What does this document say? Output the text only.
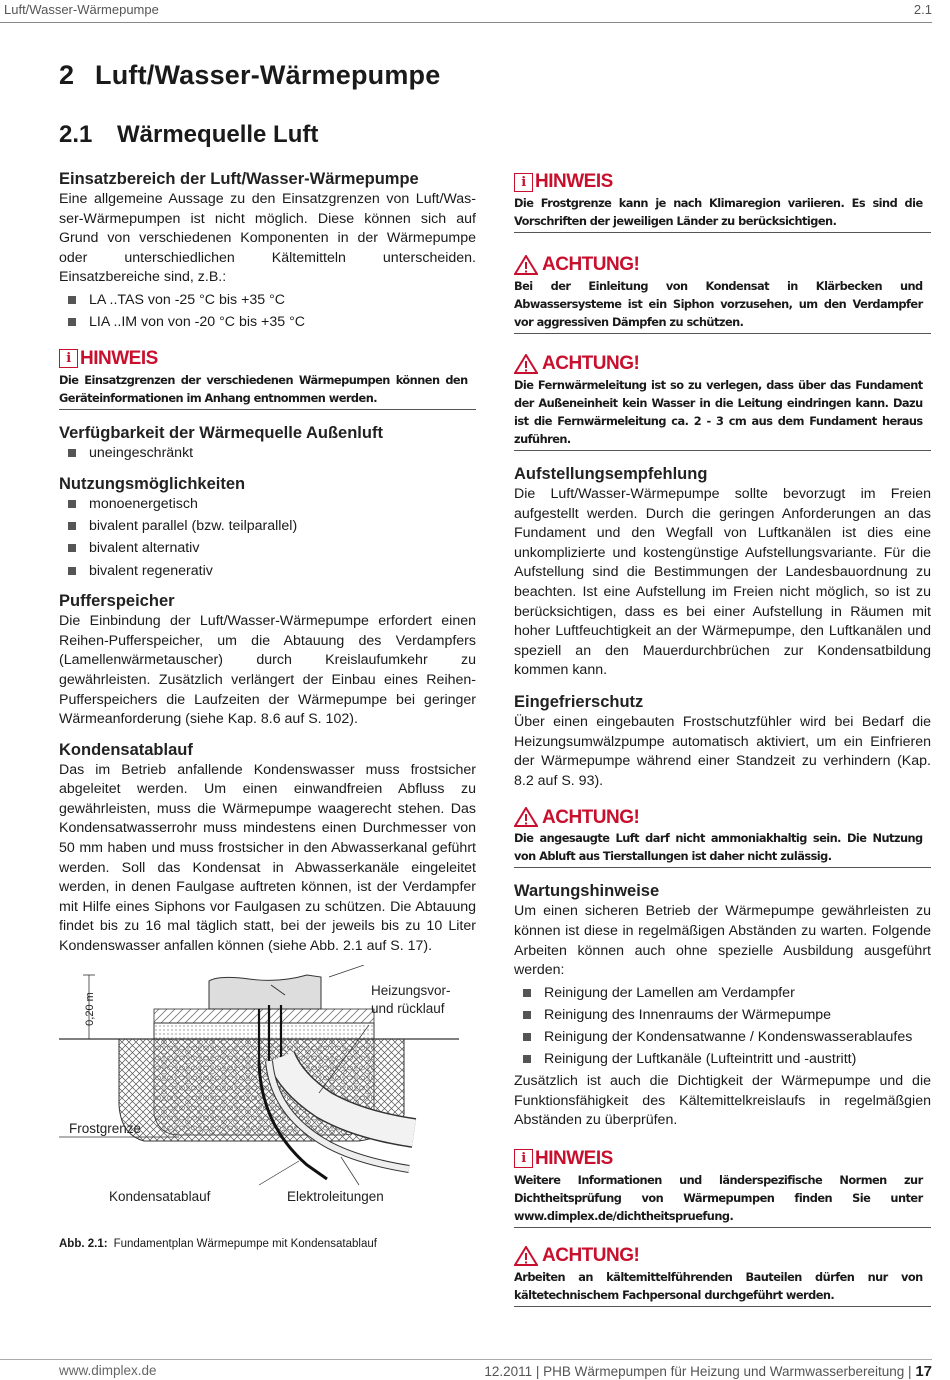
Luft/Wasser-Wärmepumpe	2.1
2 Luft/Wasser-Wärmepumpe
2.1 Wärmequelle Luft
Einsatzbereich der Luft/Wasser-Wärmepumpe

Eine allgemeine Aussage zu den Einsatzgrenzen von Luft/Was-ser-Wärmepumpen ist nicht möglich. Diese können sich auf Grund von verschiedenen Komponenten in der Wärmepumpe oder unterschiedlichen Kältemitteln unterscheiden. Einsatzbereiche sind, z.B.:

LA ..TAS von -25 °C bis +35 °C
LIA ..IM von von -20 °C bis +35 °C
i HINWEIS
Die Einsatzgrenzen der verschiedenen Wärmepumpen können den Geräteinformationen im Anhang entnommen werden.
Verfügbarkeit der Wärmequelle Außenluft
uneingeschränkt
Nutzungsmöglichkeiten
monoenergetisch
bivalent parallel (bzw. teilparallel)
bivalent alternativ
bivalent regenerativ
Pufferspeicher

Die Einbindung der Luft/Wasser-Wärmepumpe erfordert einen Reihen-Pufferspeicher, um die Abtauung des Verdampfers (Lamellenwärmetauscher) durch Kreislaufumkehr zu gewährleisten. Zusätzlich verlängert der Einbau eines Reihen-Pufferspeichers die Laufzeiten der Wärmepumpe bei geringer Wärmeanforderung (siehe Kap. 8.6 auf S. 102).

Kondensatablauf

Das im Betrieb anfallende Kondenswasser muss frostsicher abgeleitet werden. Um einen einwandfreien Abfluss zu gewährleisten, muss die Wärmepumpe waagerecht stehen. Das Kondensatwasserrohr muss mindestens einen Durchmesser von 50 mm haben und muss frostsicher in den Abwasserkanal geführt werden. Soll das Kondensat in Abwasserkanäle eingeleitet werden, in denen Faulgase auftreten können, ist der Verdampfer mit Hilfe eines Siphons vor Faulgasen zu schützen. Die Abtauung findet bis zu 16 mal täglich statt, bei der jeweils bis zu 10 Liter Kondenswasser anfallen können (siehe Abb. 2.1 auf S. 17).

0,20 m
Heizungsvor-
und rücklauf
Frostgrenze
Kondensatablauf	Elektroleitungen
Abb. 2.1: Fundamentplan Wärmepumpe mit Kondensatablauf
i HINWEIS
Die Frostgrenze kann je nach Klimaregion variieren. Es sind die Vorschriften der jeweiligen Länder zu berücksichtigen.
ACHTUNG!
Bei der Einleitung von Kondensat in Klärbecken und Abwassersysteme ist ein Siphon vorzusehen, um den Verdampfer vor aggressiven Dämpfen zu schützen.
ACHTUNG!
Die Fernwärmeleitung ist so zu verlegen, dass über das Fundament der Außeneinheit kein Wasser in die Leitung eindringen kann. Dazu ist die Fernwärmeleitung ca. 2 - 3 cm aus dem Fundament heraus zuführen.
Aufstellungsempfehlung

Die Luft/Wasser-Wärmepumpe sollte bevorzugt im Freien aufgestellt werden. Durch die geringen Anforderungen an das Fundament und den Wegfall von Luftkanälen ist dies eine unkomplizierte und kostengünstige Aufstellungsvariante. Für die Aufstellung sind die Bestimmungen der Landesbauordnung zu beachten. Ist eine Aufstellung im Freien nicht möglich, so ist zu berücksichtigen, dass es bei einer Aufstellung in Räumen mit hoher Luftfeuchtigkeit an der Wärmepumpe, den Luftkanälen und speziell an den Mauerdurchbrüchen zur Kondensatbildung kommen kann.

Eingefrierschutz

Über einen eingebauten Frostschutzfühler wird bei Bedarf die Heizungsumwälzpumpe automatisch aktiviert, um ein Einfrieren der Wärmepumpe während einer Standzeit zu verhindern (Kap. 8.2 auf S. 93).

ACHTUNG!
Die angesaugte Luft darf nicht ammoniakhaltig sein. Die Nutzung von Abluft aus Tierstallungen ist daher nicht zulässig.
Wartungshinweise

Um einen sicheren Betrieb der Wärmepumpe gewährleisten zu können ist diese in regelmäßigen Abständen zu warten. Folgende Arbeiten können auch ohne spezielle Ausbildung ausgeführt werden:

Reinigung der Lamellen am Verdampfer
Reinigung des Innenraums der Wärmepumpe
Reinigung der Kondensatwanne / Kondenswasserablaufes
Reinigung der Luftkanäle (Lufteintritt und -austritt)

Zusätzlich ist auch die Dichtigkeit der Wärmepumpe und die Funktionsfähigkeit des Kältemittelkreislaufs in regelmäßgien Abständen zu überprüfen.

i HINWEIS
Weitere Informationen und länderspezifische Normen zur Dichtheitsprüfung von Wärmepumpen finden Sie unter www.dimplex.de/dichtheitspruefung.
ACHTUNG!
Arbeiten an kältemittelführenden Bauteilen dürfen nur von kältetechnischem Fachpersonal durchgeführt werden.
www.dimplex.de	12.2011 | PHB Wärmepumpen für Heizung und Warmwasserbereitung | 17
